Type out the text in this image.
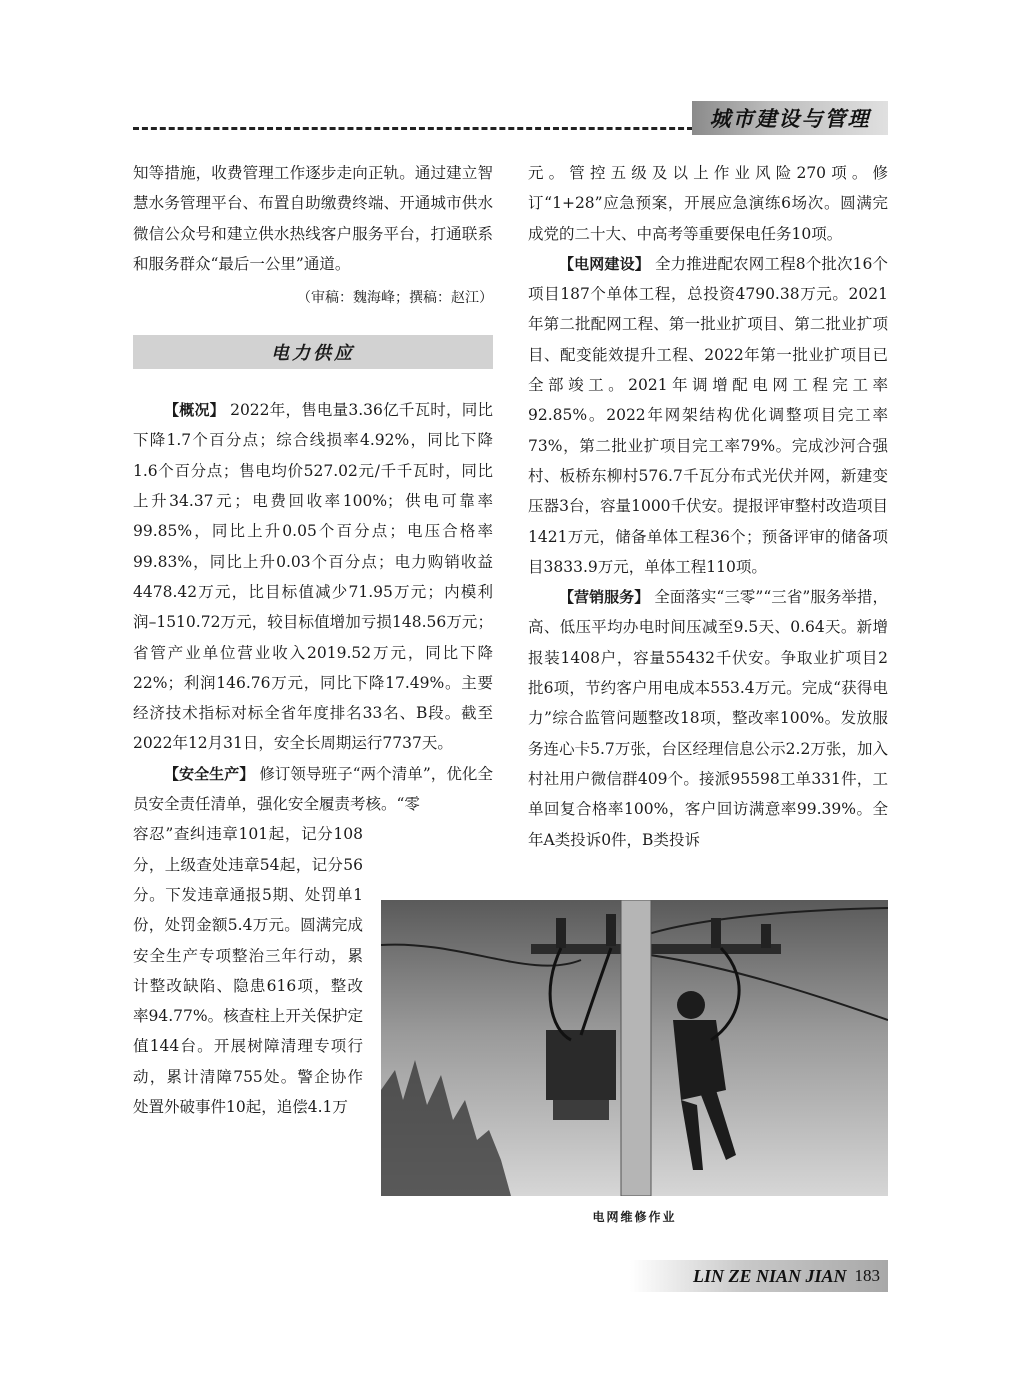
城市建设与管理

知等措施，收费管理工作逐步走向正轨。通过建立智慧水务管理平台、布置自助缴费终端、开通城市供水微信公众号和建立供水热线客户服务平台，打通联系和服务群众“最后一公里”通道。

（审稿：魏海峰；撰稿：赵江）

电力供应

【概况】 2022年，售电量3.36亿千瓦时，同比下降1.7个百分点；综合线损率4.92%，同比下降1.6个百分点；售电均价527.02元/千千瓦时，同比上升34.37元；电费回收率100%；供电可靠率99.85%，同比上升0.05个百分点；电压合格率99.83%，同比上升0.03个百分点；电力购销收益4478.42万元，比目标值减少71.95万元；内模利润–1510.72万元，较目标值增加亏损148.56万元；省管产业单位营业收入2019.52万元，同比下降22%；利润146.76万元，同比下降17.49%。主要经济技术指标对标全省年度排名33名、B段。截至2022年12月31日，安全长周期运行7737天。

【安全生产】 修订领导班子“两个清单”，优化全员安全责任清单，强化安全履责考核。“零

容忍”查纠违章101起，记分108分，上级查处违章54起，记分56分。下发违章通报5期、处罚单1份，处罚金额5.4万元。圆满完成安全生产专项整治三年行动，累计整改缺陷、隐患616项，整改率94.77%。核查柱上开关保护定值144台。开展树障清理专项行动，累计清障755处。警企协作处置外破事件10起，追偿4.1万

元。管控五级及以上作业风险270项。修订“1+28”应急预案，开展应急演练6场次。圆满完成党的二十大、中高考等重要保电任务10项。

【电网建设】 全力推进配农网工程8个批次16个项目187个单体工程，总投资4790.38万元。2021年第二批配网工程、第一批业扩项目、第二批业扩项目、配变能效提升工程、2022年第一批业扩项目已全部竣工。2021年调增配电网工程完工率92.85%。2022年网架结构优化调整项目完工率73%，第二批业扩项目完工率79%。完成沙河合强村、板桥东柳村576.7千瓦分布式光伏并网，新建变压器3台，容量1000千伏安。提报评审整村改造项目1421万元，储备单体工程36个；预备评审的储备项目3833.9万元，单体工程110项。

【营销服务】 全面落实“三零”“三省”服务举措，高、低压平均办电时间压减至9.5天、0.64天。新增报装1408户，容量55432千伏安。争取业扩项目2批6项，节约客户用电成本553.4万元。完成“获得电力”综合监管问题整改18项，整改率100%。发放服务连心卡5.7万张，台区经理信息公示2.2万张，加入村社用户微信群409个。接派95598工单331件，工单回复合格率100%，客户回访满意率99.39%。全年A类投诉0件，B类投诉

电网维修作业
LIN ZE NIAN JIAN 183
